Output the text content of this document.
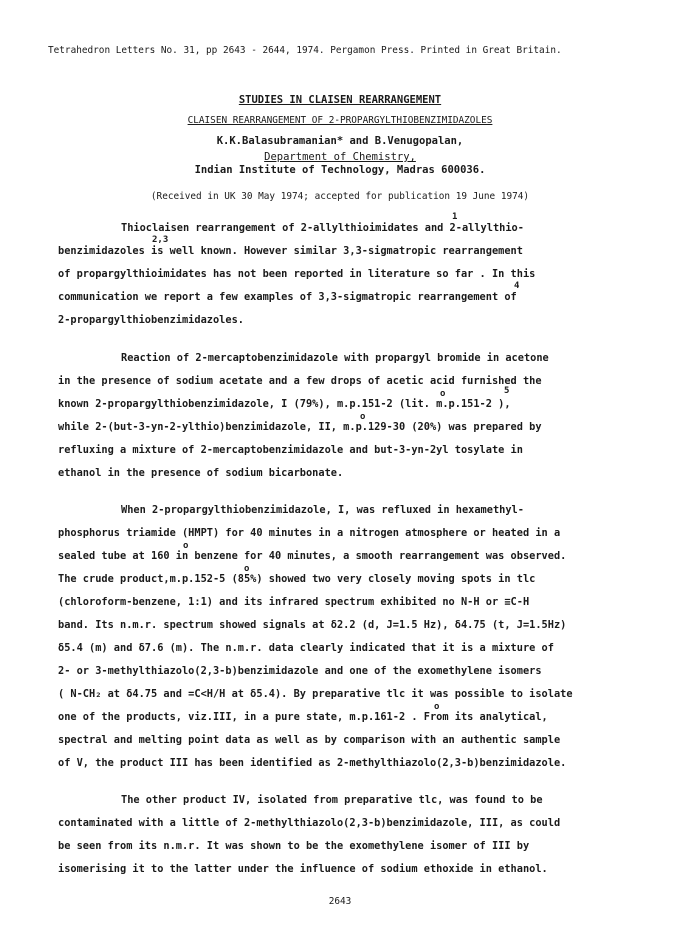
Tetrahedron Letters No. 31, pp 2643 - 2644, 1974. Pergamon Press. Printed in Great Britain.
STUDIES IN CLAISEN REARRANGEMENT
CLAISEN REARRANGEMENT OF 2-PROPARGYLTHIOBENZIMIDAZOLES
K.K.Balasubramanian* and B.Venugopalan,
Department of Chemistry,
Indian Institute of Technology, Madras 600036.
(Received in UK 30 May 1974; accepted for publication 19 June 1974)
Thioclaisen rearrangement of 2-allylthioimidates and 2-allylthio-
benzimidazoles is well known. However similar 3,3-sigmatropic rearrangement
of propargylthioimidates has not been reported in literature so far . In this
communication we report a few examples of 3,3-sigmatropic rearrangement of
2-propargylthiobenzimidazoles.
Reaction of 2-mercaptobenzimidazole with propargyl bromide in acetone
in the presence of sodium acetate and a few drops of acetic acid furnished the
known 2-propargylthiobenzimidazole, I (79%), m.p.151-2 (lit. m.p.151-2 ),
while 2-(but-3-yn-2-ylthio)benzimidazole, II, m.p.129-30 (20%) was prepared by
refluxing a mixture of 2-mercaptobenzimidazole and but-3-yn-2yl tosylate in
ethanol in the presence of sodium bicarbonate.
When 2-propargylthiobenzimidazole, I, was refluxed in hexamethyl-
phosphorus triamide (HMPT) for 40 minutes in a nitrogen atmosphere or heated in a
sealed tube at 160 in benzene for 40 minutes, a smooth rearrangement was observed.
The crude product,m.p.152-5 (85%) showed two very closely moving spots in tlc
(chloroform-benzene, 1:1) and its infrared spectrum exhibited no N-H or ≡C-H
band. Its n.m.r. spectrum showed signals at δ2.2 (d, J=1.5 Hz), δ4.75 (t, J=1.5Hz)
δ5.4 (m) and δ7.6 (m). The n.m.r. data clearly indicated that it is a mixture of
2- or 3-methylthiazolo(2,3-b)benzimidazole and one of the exomethylene isomers
( N-CH₂ at δ4.75 and =C<H/H at δ5.4). By preparative tlc it was possible to isolate
one of the products, viz.III, in a pure state, m.p.161-2 . From its analytical,
spectral and melting point data as well as by comparison with an authentic sample
of V, the product III has been identified as 2-methylthiazolo(2,3-b)benzimidazole.
The other product IV, isolated from preparative tlc, was found to be
contaminated with a little of 2-methylthiazolo(2,3-b)benzimidazole, III, as could
be seen from its n.m.r. It was shown to be the exomethylene isomer of III by
isomerising it to the latter under the influence of sodium ethoxide in ethanol.
1
2,3
4
o	5
o
o
o
o
2643
